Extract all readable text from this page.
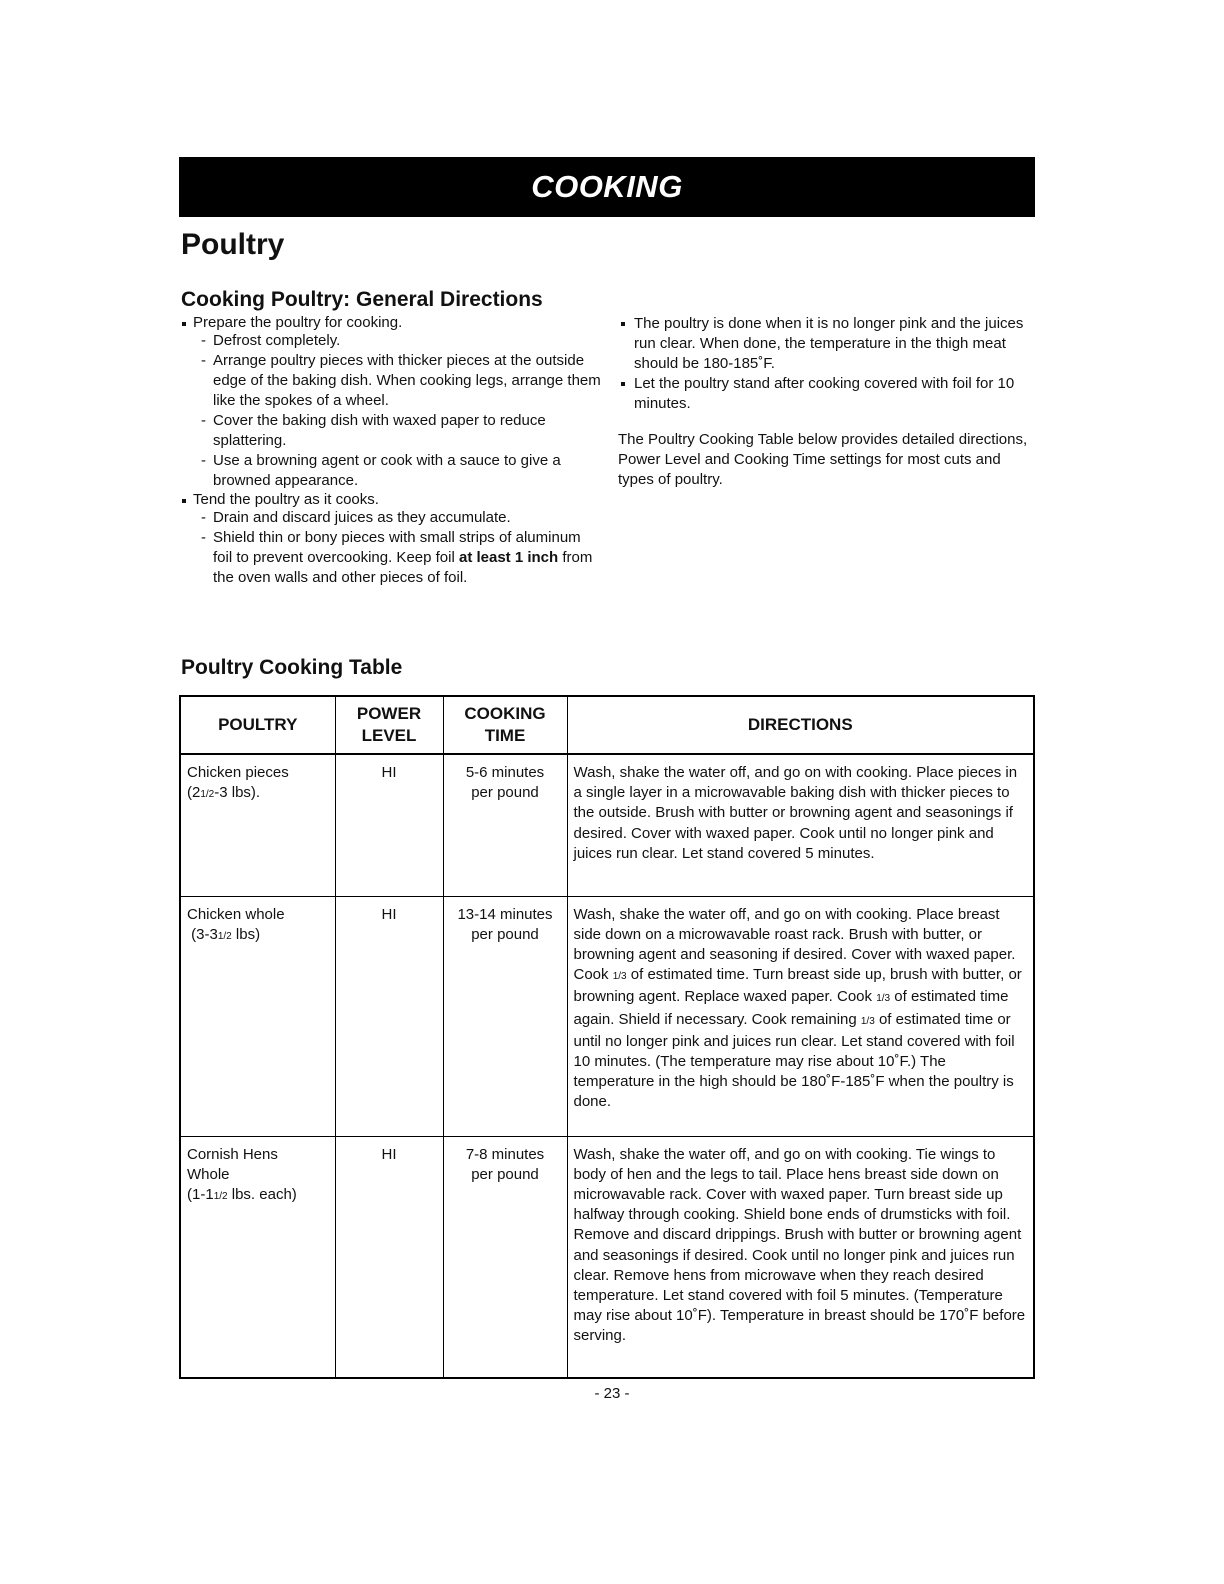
COOKING
Poultry
Cooking Poultry: General Directions
Prepare the poultry for cooking.
- Defrost completely.
- Arrange poultry pieces with thicker pieces at the outside edge of the baking dish. When cooking legs, arrange them like the spokes of a wheel.
- Cover the baking dish with waxed paper to reduce splattering.
- Use a browning agent or cook with a sauce to give a browned appearance.
Tend the poultry as it cooks.
- Drain and discard juices as they accumulate.
- Shield thin or bony pieces with small strips of aluminum foil to prevent overcooking. Keep foil at least 1 inch from the oven walls and other pieces of foil.
The poultry is done when it is no longer pink and the juices run clear. When done, the temperature in the thigh meat should be 180-185˚F.
Let the poultry stand after cooking covered with foil for 10 minutes.
The Poultry Cooking Table below provides detailed directions, Power Level and Cooking Time settings for most cuts and types of poultry.
Poultry Cooking Table
POULTRY	POWER LEVEL	COOKING TIME	DIRECTIONS

Chicken pieces
(21/2-3 lbs).
	HI	5-6 minutes
per pound
	Wash, shake the water off, and go on with cooking. Place pieces in a single layer in a microwavable baking dish with thicker pieces to the outside. Brush with butter or browning agent and seasonings if desired. Cover with waxed paper. Cook until no longer pink and juices run clear. Let stand covered 5 minutes.

Chicken whole
(3-31/2 lbs)
	HI	13-14 minutes
per pound
	Wash, shake the water off, and go on with cooking. Place breast side down on a microwavable roast rack. Brush with butter, or browning agent and seasoning if desired. Cover with waxed paper. Cook 1/3 of estimated time. Turn breast side up, brush with butter, or browning agent. Replace waxed paper. Cook 1/3 of estimated time again. Shield if necessary. Cook remaining 1/3 of estimated time or until no longer pink and juices run clear. Let stand covered with foil 10 minutes. (The temperature may rise about 10˚F.) The temperature in the high should be 180˚F-185˚F when the poultry is done.

Cornish Hens
Whole
(1-11/2 lbs. each)
	HI	7-8 minutes
per pound
	Wash, shake the water off, and go on with cooking. Tie wings to body of hen and the legs to tail. Place hens breast side down on microwavable rack. Cover with waxed paper. Turn breast side up halfway through cooking. Shield bone ends of drumsticks with foil. Remove and discard drippings. Brush with butter or browning agent and seasonings if desired. Cook until no longer pink and juices run clear. Remove hens from microwave when they reach desired temperature. Let stand covered with foil 5 minutes. (Temperature may rise about 10˚F). Temperature in breast should be 170˚F before serving.
- 23 -
